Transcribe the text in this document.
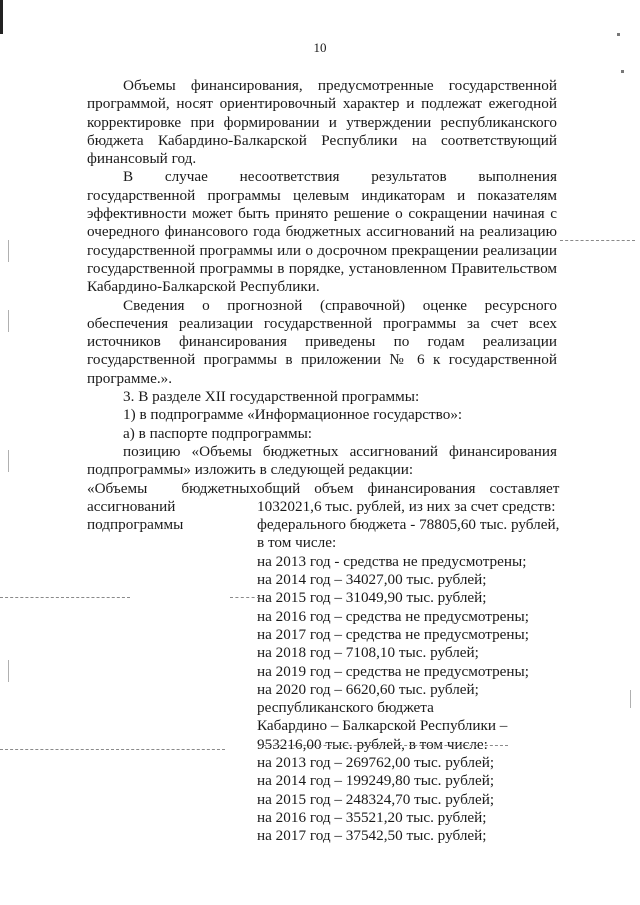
10

Объемы финансирования, предусмотренные государственной программой, носят ориентировочный характер и подлежат ежегодной корректировке при формировании и утверждении республиканского бюджета Кабардино-Балкарской Республики на соответствующий финансовый год.

В случае несоответствия результатов выполнения государственной программы целевым индикаторам и показателям эффективности может быть принято решение о сокращении начиная с очередного финансового года бюджетных ассигнований на реализацию государственной программы или о досрочном прекращении реализации государственной программы в порядке, установленном Правительством Кабардино-Балкарской Республики.

Сведения о прогнозной (справочной) оценке ресурсного обеспечения реализации государственной программы за счет всех источников финансирования приведены по годам реализации государственной программы в приложении № 6 к государственной программе.».

3. В разделе XII государственной программы:

1) в подпрограмме «Информационное государство»:

а) в паспорте подпрограммы:

позицию «Объемы бюджетных ассигнований финансирования подпрограммы» изложить в следующей редакции:

«Объемы бюджетных
ассигнований
подпрограммы
общий объем финансирования составляет
1032021,6 тыс. рублей, из них за счет средств:
федерального бюджета - 78805,60 тыс. рублей,
в том числе:
на 2013 год - средства не предусмотрены;
на 2014 год – 34027,00 тыс. рублей;
на 2015 год – 31049,90 тыс. рублей;
на 2016 год – средства не предусмотрены;
на 2017 год – средства не предусмотрены;
на 2018 год – 7108,10 тыс. рублей;
на 2019 год – средства не предусмотрены;
на 2020 год – 6620,60 тыс. рублей;
республиканского бюджета
Кабардино – Балкарской Республики –
953216,00 тыс. рублей, в том числе:
на 2013 год – 269762,00 тыс. рублей;
на 2014 год – 199249,80 тыс. рублей;
на 2015 год – 248324,70 тыс. рублей;
на 2016 год – 35521,20 тыс. рублей;
на 2017 год – 37542,50 тыс. рублей;
